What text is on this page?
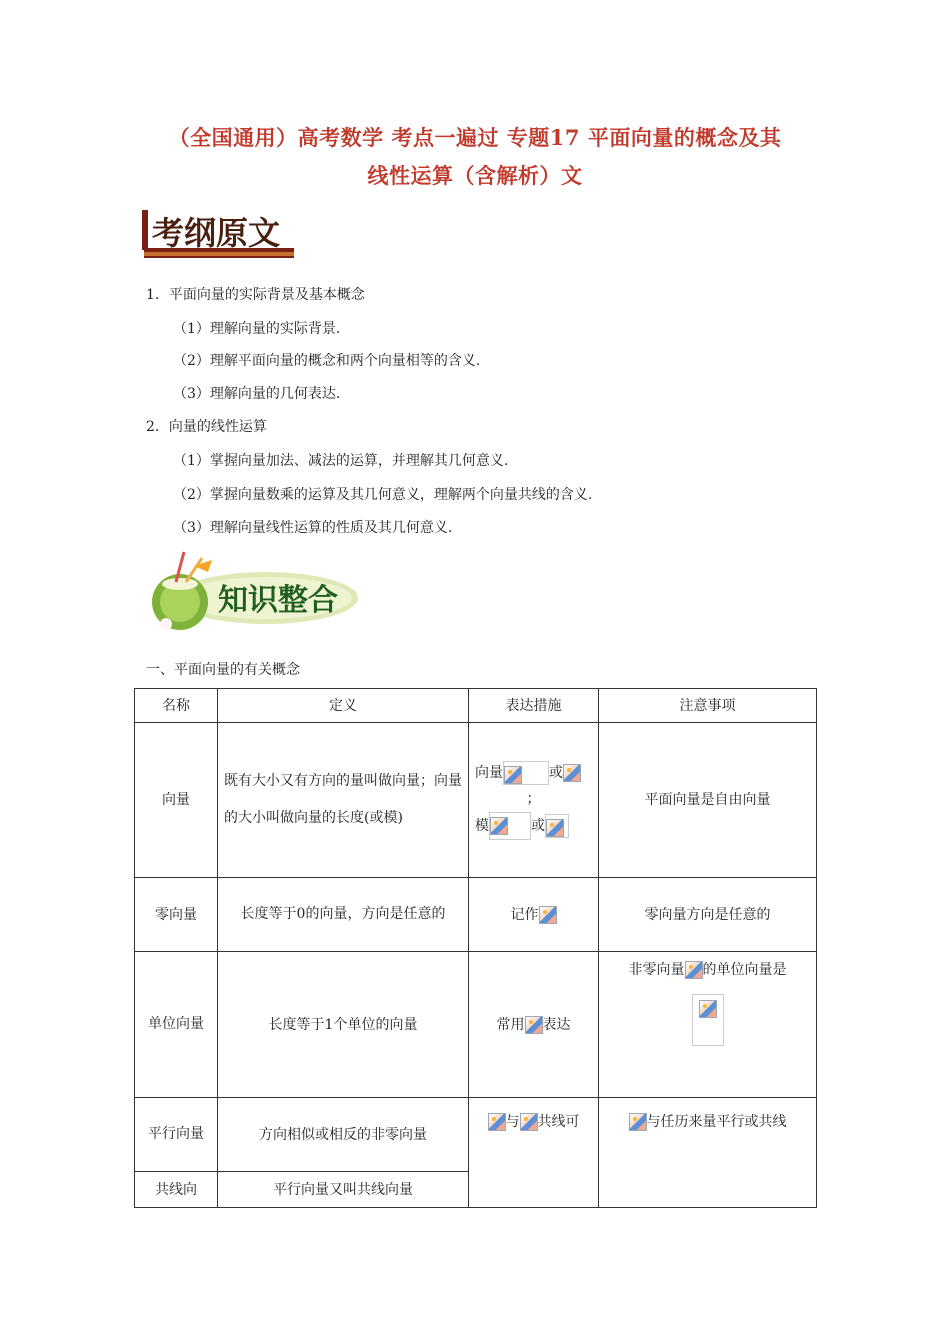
（全国通用）高考数学 考点一遍过 专题17 平面向量的概念及其
线性运算（含解析）文
考纲原文
1．平面向量的实际背景及基本概念
（1）理解向量的实际背景.
（2）理解平面向量的概念和两个向量相等的含义.
（3）理解向量的几何表达.
2．向量的线性运算
（1）掌握向量加法、减法的运算，并理解其几何意义.
（2）掌握向量数乘的运算及其几何意义，理解两个向量共线的含义.
（3）理解向量线性运算的性质及其几何意义.
知识整合
一、平面向量的有关概念
名称	定义	表达措施	注意事项
向量	既有大小又有方向的量叫做向量；向量的大小叫做向量的长度(或模)	向量 或
；
模 或	平面向量是自由向量
零向量	长度等于0的向量，方向是任意的	记作	零向量方向是任意的
单位向量	长度等于1个单位的向量	常用 表达	非零向量 的单位向量是

平行向量	方向相似或相反的非零向量	与 共线可	与任历来量平行或共线
共线向	平行向量又叫共线向量		
